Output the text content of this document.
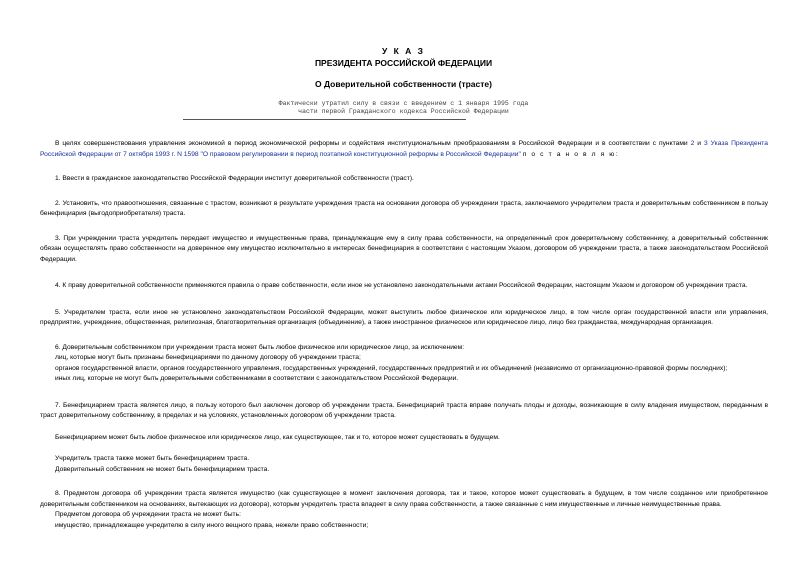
У К А З
ПРЕЗИДЕНТА РОССИЙСКОЙ ФЕДЕРАЦИИ
О Доверительной собственности (трасте)
Фактически утратил силу в связи с введением с 1 января 1995 года
части первой Гражданского кодекса Российской Федерации

В целях совершенствования управления экономикой в период экономической реформы и содействия институциональным преобразованиям в Российской Федерации и в соответствии с пунктами 2 и 3 Указа Президента Российской Федерации от 7 октября 1993 г. N 1598 "О правовом регулировании в период поэтапной конституционной реформы в Российской Федерации" п о с т а н о в л я ю:

1. Ввести в гражданское законодательство Российской Федерации институт доверительной собственности (траст).

2. Установить, что правоотношения, связанные с трастом, возникают в результате учреждения траста на основании договора об учреждении траста, заключаемого учредителем траста и доверительным собственником в пользу бенефициария (выгодоприобретателя) траста.

3. При учреждении траста учредитель передает имущество и имущественные права, принадлежащие ему в силу права собственности, на определенный срок доверительному собственнику, а доверительный собственник обязан осуществлять право собственности на доверенное ему имущество исключительно в интересах бенефициария в соответствии с настоящим Указом, договором об учреждении траста, а также законодательством Российской Федерации.

4. К праву доверительной собственности применяются правила о праве собственности, если иное не установлено законодательными актами Российской Федерации, настоящим Указом и договором об учреждении траста.

5. Учредителем траста, если иное не установлено законодательством Российской Федерации, может выступить любое физическое или юридическое лицо, в том числе орган государственной власти или управления, предприятие, учреждение, общественная, религиозная, благотворительная организация (объединение), а также иностранное физическое или юридическое лицо, лицо без гражданства, международная организация.

6. Доверительным собственником при учреждении траста может быть любое физическое или юридическое лицо, за исключением:

лиц, которые могут быть признаны бенефициариями по данному договору об учреждении траста;

органов государственной власти, органов государственного управления, государственных учреждений, государственных предприятий и их объединений (независимо от организационно-правовой формы последних);

иных лиц, которые не могут быть доверительными собственниками в соответствии с законодательством Российской Федерации.

7. Бенефициарием траста является лицо, в пользу которого был заключен договор об учреждении траста. Бенефициарий траста вправе получать плоды и доходы, возникающие в силу владения имуществом, переданным в траст доверительному собственнику, в пределах и на условиях, установленных договором об учреждении траста.

Бенефициарием может быть любое физическое или юридическое лицо, как существующее, так и то, которое может существовать в будущем.

Учредитель траста также может быть бенефициарием траста.

Доверительный собственник не может быть бенефициарием траста.

8. Предметом договора об учреждении траста является имущество (как существующее в момент заключения договора, так и такое, которое может существовать в будущем, в том числе созданное или приобретенное доверительным собственником на основаниях, вытекающих из договора), которым учредитель траста владеет в силу права собственности, а также связанные с ним имущественные и личные неимущественные права.

Предметом договора об учреждении траста не может быть:

имущество, принадлежащее учредителю в силу иного вещного права, нежели право собственности;
